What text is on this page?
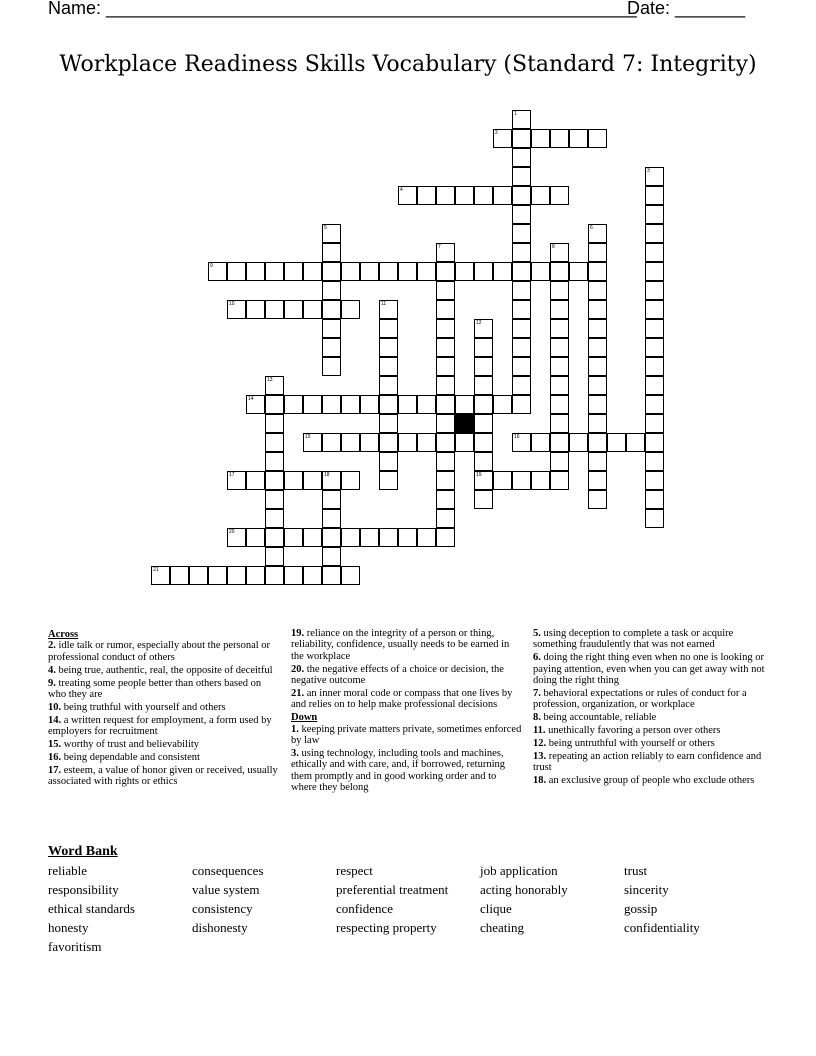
Name: _____________________________________________________
Date: _______
Workplace Readiness Skills Vocabulary (Standard 7: Integrity)
1
2
3
4
5	6
7	8
9
10	11
12
13
14
15	16
17	18	19
20
21
Across
2. idle talk or rumor, especially about the personal or professional conduct of others
4. being true, authentic, real, the opposite of deceitful
9. treating some people better than others based on who they are
10. being truthful with yourself and others
14. a written request for employment, a form used by employers for recruitment
15. worthy of trust and believability
16. being dependable and consistent
17. esteem, a value of honor given or received, usually associated with rights or ethics
19. reliance on the integrity of a person or thing, reliability, confidence, usually needs to be earned in the workplace
20. the negative effects of a choice or decision, the negative outcome
21. an inner moral code or compass that one lives by and relies on to help make professional decisions
Down
1. keeping private matters private, sometimes enforced by law
3. using technology, including tools and machines, ethically and with care, and, if borrowed, returning them promptly and in good working order and to where they belong
5. using deception to complete a task or acquire something fraudulently that was not earned
6. doing the right thing even when no one is looking or paying attention, even when you can get away with not doing the right thing
7. behavioral expectations or rules of conduct for a profession, organization, or workplace
8. being accountable, reliable
11. unethically favoring a person over others
12. being untruthful with yourself or others
13. repeating an action reliably to earn confidence and trust
18. an exclusive group of people who exclude others
Word Bank
reliable
responsibility
ethical standards
honesty
favoritism
consequences
value system
consistency
dishonesty
respect
preferential treatment
confidence
respecting property
job application
acting honorably
clique
cheating
trust
sincerity
gossip
confidentiality
